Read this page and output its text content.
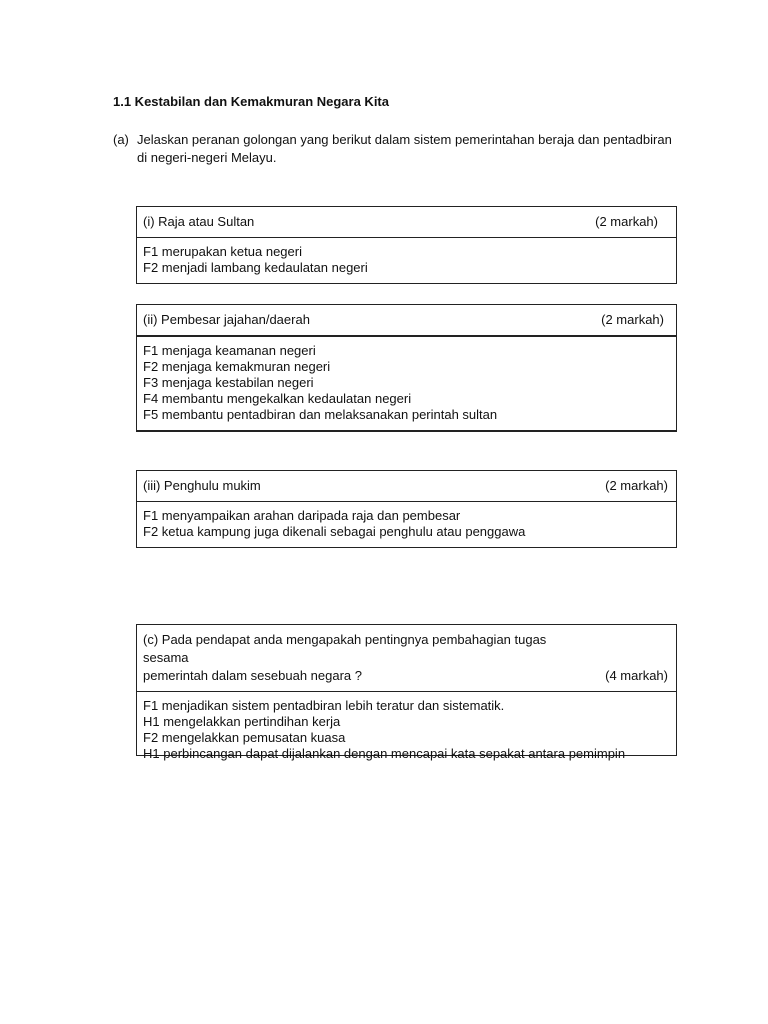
1.1 Kestabilan dan Kemakmuran Negara Kita
(a) Jelaskan peranan golongan yang berikut dalam sistem pemerintahan beraja dan pentadbiran di negeri-negeri Melayu.
(i) Raja atau Sultan	(2 markah)
F1 merupakan ketua negeri
F2 menjadi lambang kedaulatan negeri
(ii) Pembesar jajahan/daerah	(2 markah)
F1 menjaga keamanan negeri
F2 menjaga kemakmuran negeri
F3 menjaga kestabilan negeri
F4 membantu mengekalkan kedaulatan negeri
F5 membantu pentadbiran dan melaksanakan perintah sultan
(iii) Penghulu mukim	(2 markah)
F1 menyampaikan arahan daripada raja dan pembesar
F2 ketua kampung juga dikenali sebagai penghulu atau penggawa
(c) Pada pendapat anda mengapakah pentingnya pembahagian tugas sesama
pemerintah dalam sesebuah negara ?	(4 markah)
F1 menjadikan sistem pentadbiran lebih teratur dan sistematik.
H1 mengelakkan pertindihan kerja
F2 mengelakkan pemusatan kuasa
H1 perbincangan dapat dijalankan dengan mencapai kata sepakat antara pemimpin
